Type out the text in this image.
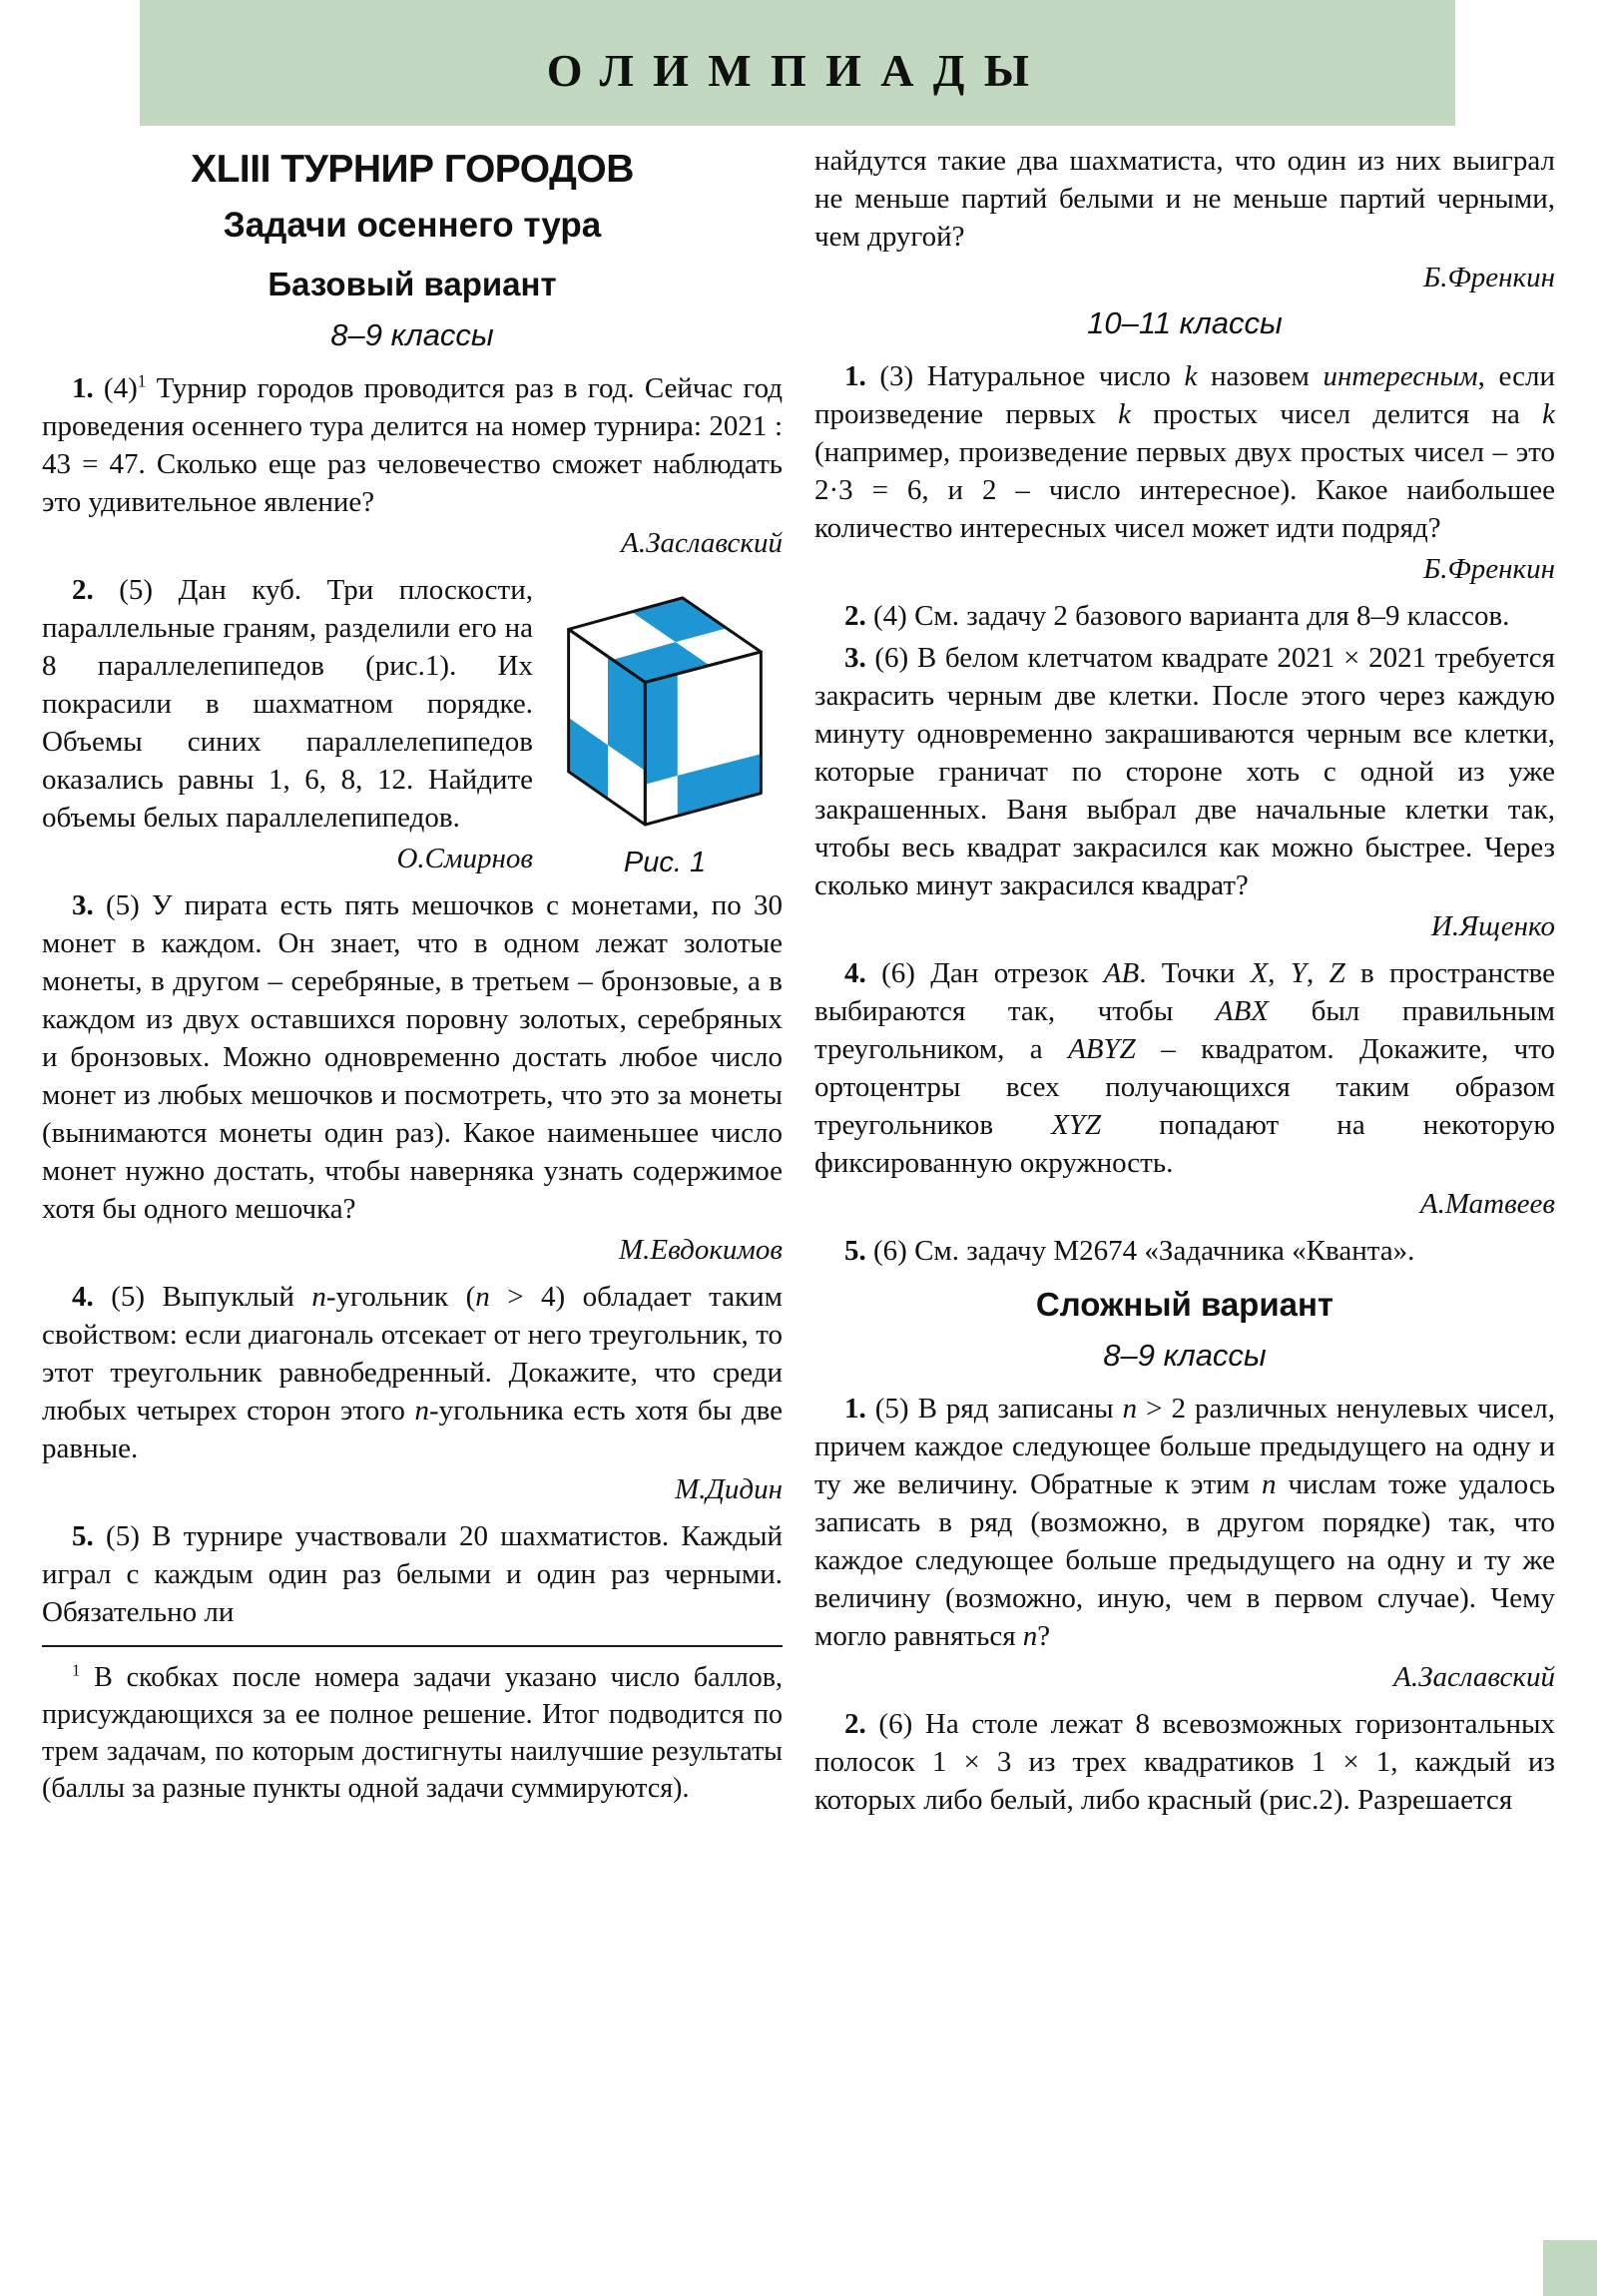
ОЛИМПИАДЫ
XLIII ТУРНИР ГОРОДОВ
Задачи осеннего тура
Базовый вариант
8–9 классы

1. $(4)^1$ Турнир городов проводится раз в год. Сейчас год проведения осеннего тура делится на номер турнира: 2021 : 43 = 47. Сколько еще раз человечество сможет наблюдать это удивительное явление?

А.Заславский
Рис. 1

2. (5) Дан куб. Три плоскости, параллельные граням, разделили его на 8 параллелепипедов (рис.1). Их покрасили в шахматном порядке. Объемы синих параллелепипедов оказались равны 1, 6, 8, 12. Найдите объемы белых параллелепипедов.

О.Смирнов

3. (5) У пирата есть пять мешочков с монетами, по 30 монет в каждом. Он знает, что в одном лежат золотые монеты, в другом – серебряные, в третьем – бронзовые, а в каждом из двух оставшихся поровну золотых, серебряных и бронзовых. Можно одновременно достать любое число монет из любых мешочков и посмотреть, что это за монеты (вынимаются монеты один раз). Какое наименьшее число монет нужно достать, чтобы наверняка узнать содержимое хотя бы одного мешочка?

М.Евдокимов

4. (5) Выпуклый n-угольник (n > 4) обладает таким свойством: если диагональ отсекает от него треугольник, то этот треугольник равнобедренный. Докажите, что среди любых четырех сторон этого n-угольника есть хотя бы две равные.

М.Дидин

5. (5) В турнире участвовали 20 шахматистов. Каждый играл с каждым один раз белыми и один раз черными. Обязательно ли

$^1$ В скобках после номера задачи указано число баллов, присуждающихся за ее полное решение. Итог подводится по трем задачам, по которым достигнуты наилучшие результаты (баллы за разные пункты одной задачи суммируются).

найдутся такие два шахматиста, что один из них выиграл не меньше партий белыми и не меньше партий черными, чем другой?

Б.Френкин
10–11 классы

1. (3) Натуральное число k назовем интересным, если произведение первых k простых чисел делится на k (например, произведение первых двух простых чисел – это 2·3 = 6, и 2 – число интересное). Какое наибольшее количество интересных чисел может идти подряд?

Б.Френкин

2. (4) См. задачу 2 базового варианта для 8–9 классов.

3. (6) В белом клетчатом квадрате 2021 × 2021 требуется закрасить черным две клетки. После этого через каждую минуту одновременно закрашиваются черным все клетки, которые граничат по стороне хоть с одной из уже закрашенных. Ваня выбрал две начальные клетки так, чтобы весь квадрат закрасился как можно быстрее. Через сколько минут закрасился квадрат?

И.Ященко

4. (6) Дан отрезок AB. Точки X, Y, Z в пространстве выбираются так, чтобы ABX был правильным треугольником, а ABYZ – квадратом. Докажите, что ортоцентры всех получающихся таким образом треугольников XYZ попадают на некоторую фиксированную окружность.

А.Матвеев

5. (6) См. задачу М2674 «Задачника «Кванта».

Сложный вариант
8–9 классы

1. (5) В ряд записаны n > 2 различных ненулевых чисел, причем каждое следующее больше предыдущего на одну и ту же величину. Обратные к этим n числам тоже удалось записать в ряд (возможно, в другом порядке) так, что каждое следующее больше предыдущего на одну и ту же величину (возможно, иную, чем в первом случае). Чему могло равняться n?

А.Заславский

2. (6) На столе лежат 8 всевозможных горизонтальных полосок 1 × 3 из трех квадратиков 1 × 1, каждый из которых либо белый, либо красный (рис.2). Разрешается
